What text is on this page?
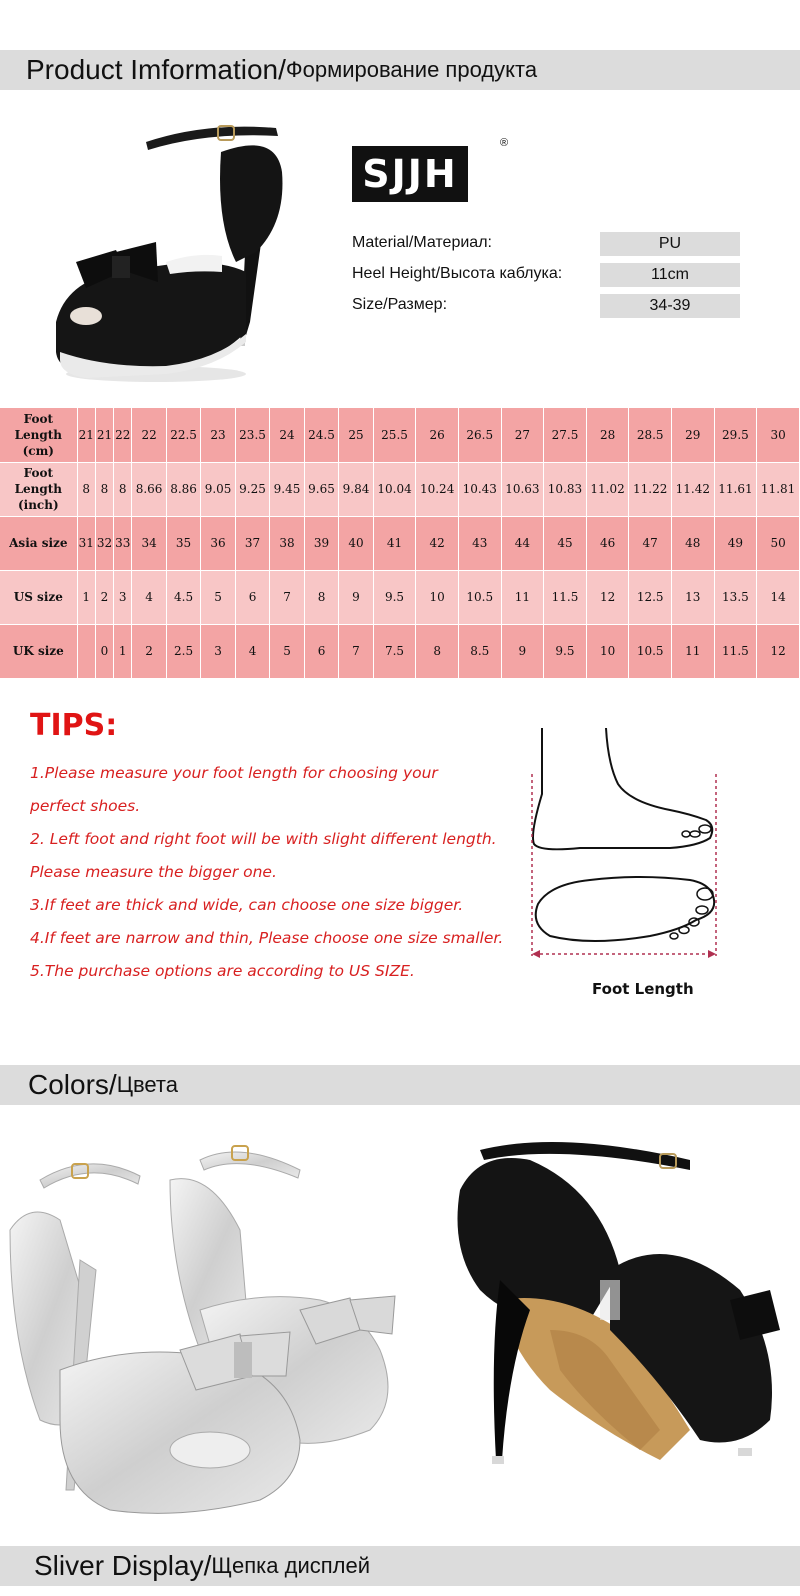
Product Imformation/ Формирование продукта
SJJH
®
Material/Материал:	PU
Heel Height/Высота каблука:	11cm
Size/Размер:	34-39
Foot Length (cm)	21	21	22	22	22.5	23	23.5	24	24.5	25	25.5	26	26.5	27	27.5	28	28.5	29	29.5	30
Foot Length (inch)	8	8	8	8.66	8.86	9.05	9.25	9.45	9.65	9.84	10.04	10.24	10.43	10.63	10.83	11.02	11.22	11.42	11.61	11.81
Asia size	31	32	33	34	35	36	37	38	39	40	41	42	43	44	45	46	47	48	49	50
US size	1	2	3	4	4.5	5	6	7	8	9	9.5	10	10.5	11	11.5	12	12.5	13	13.5	14
UK size		0	1	2	2.5	3	4	5	6	7	7.5	8	8.5	9	9.5	10	10.5	11	11.5	12
TIPS:
1.Please measure your foot length for choosing your
perfect shoes.
2. Left foot and right foot will be with slight different length.
Please measure the bigger one.
3.If feet are thick and wide, can choose one size bigger.
4.If feet are narrow and thin, Please choose one size smaller.
5.The purchase options are according to US SIZE.
Foot Length
Colors/ Цвета
Sliver Display/ Щепка дисплей
